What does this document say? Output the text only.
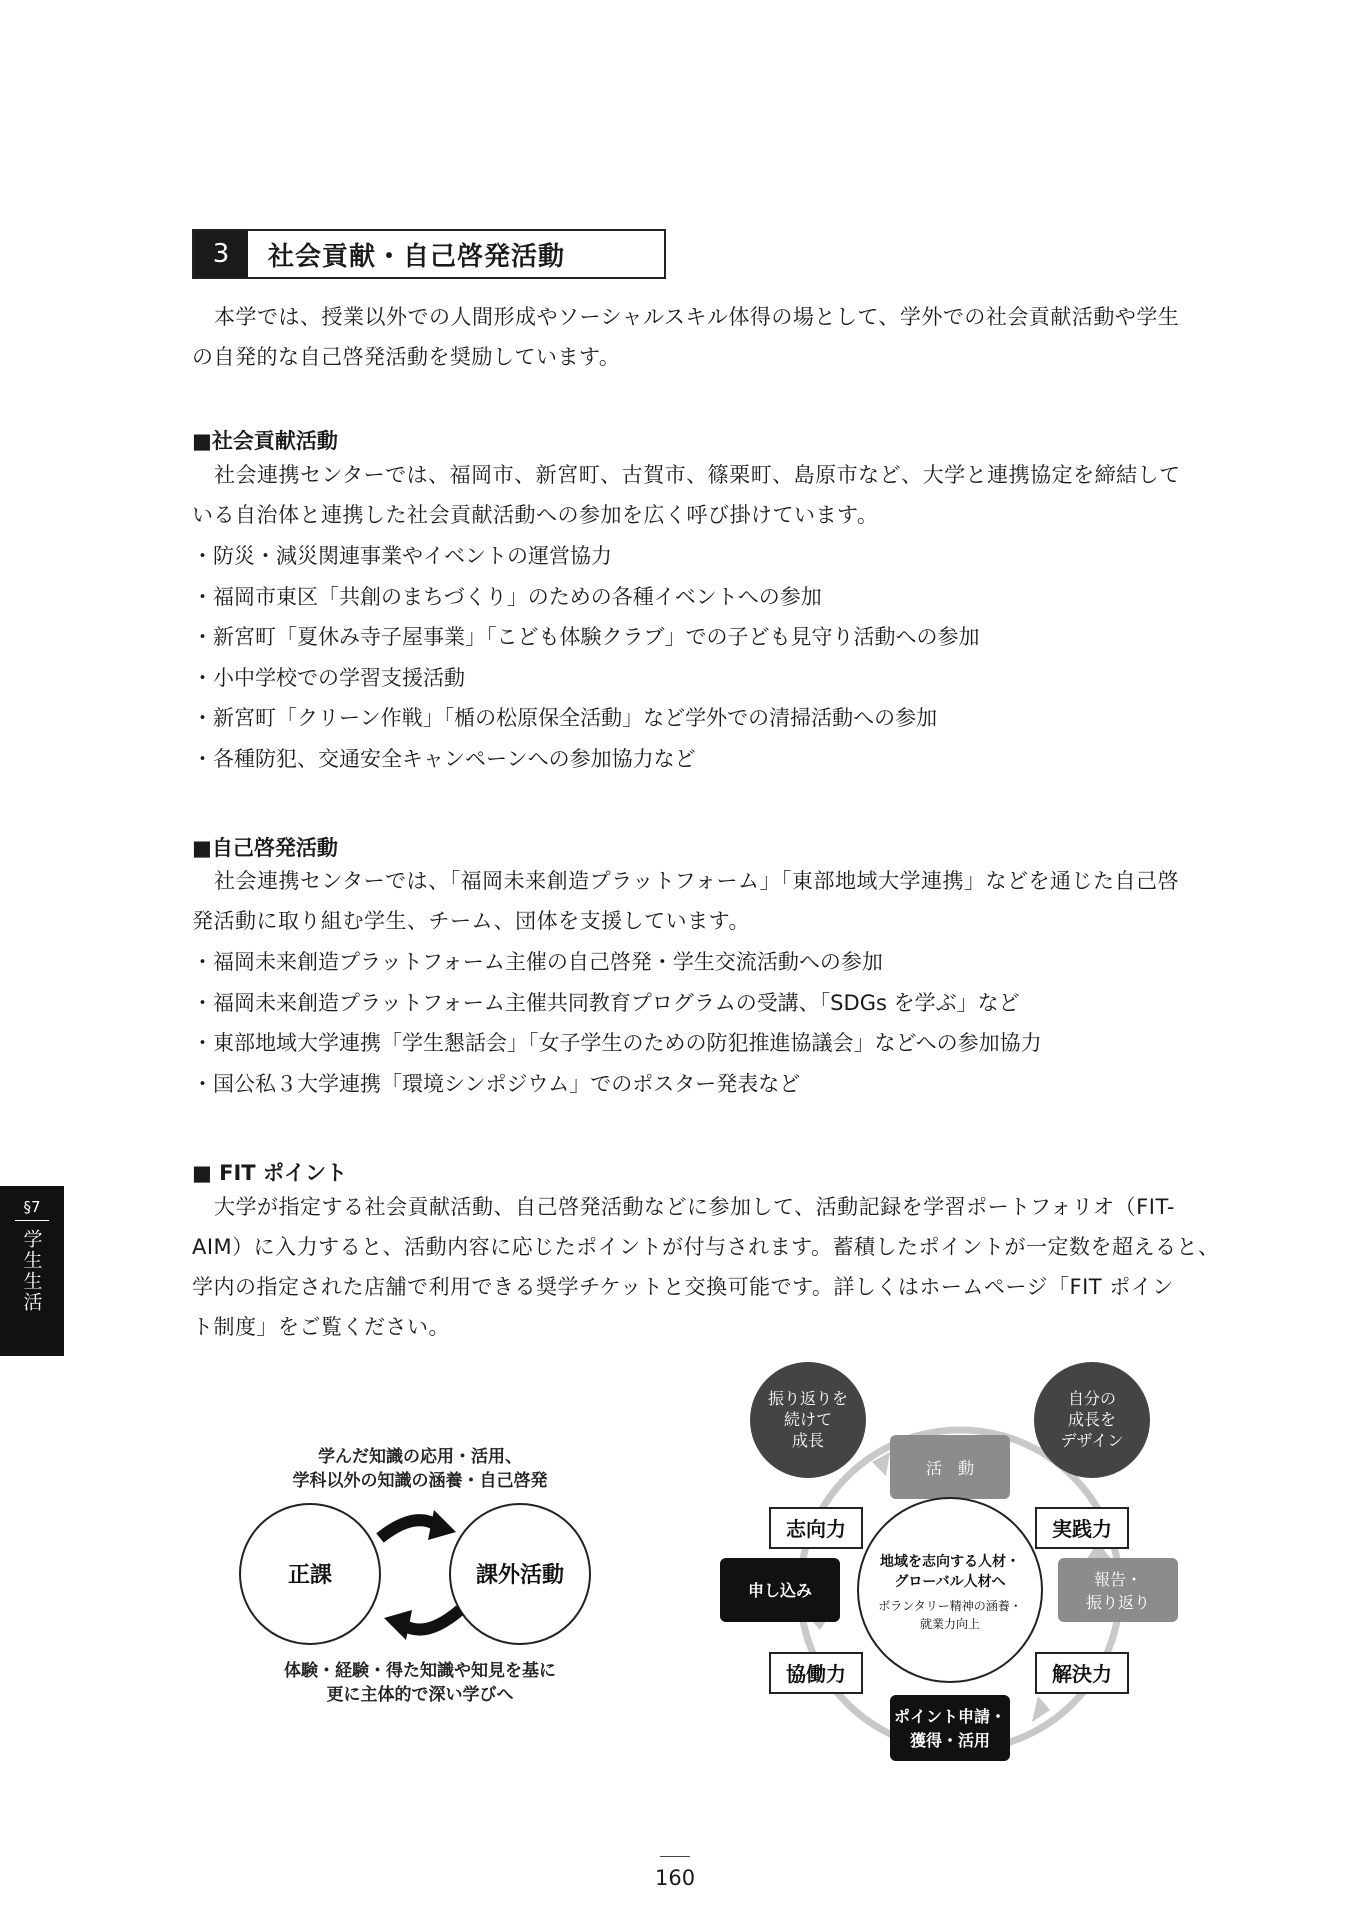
3	社会貢献・自己啓発活動
本学では、授業以外での人間形成やソーシャルスキル体得の場として、学外での社会貢献活動や学生
の自発的な自己啓発活動を奨励しています。
■社会貢献活動
社会連携センターでは、福岡市、新宮町、古賀市、篠栗町、島原市など、大学と連携協定を締結して
いる自治体と連携した社会貢献活動への参加を広く呼び掛けています。
・防災・減災関連事業やイベントの運営協力
・福岡市東区「共創のまちづくり」のための各種イベントへの参加
・新宮町「夏休み寺子屋事業」「こども体験クラブ」での子ども見守り活動への参加
・小中学校での学習支援活動
・新宮町「クリーン作戦」「楯の松原保全活動」など学外での清掃活動への参加
・各種防犯、交通安全キャンペーンへの参加協力など
■自己啓発活動
社会連携センターでは、「福岡未来創造プラットフォーム」「東部地域大学連携」などを通じた自己啓
発活動に取り組む学生、チーム、団体を支援しています。
・福岡未来創造プラットフォーム主催の自己啓発・学生交流活動への参加
・福岡未来創造プラットフォーム主催共同教育プログラムの受講、「SDGs を学ぶ」など
・東部地域大学連携「学生懇話会」「女子学生のための防犯推進協議会」などへの参加協力
・国公私３大学連携「環境シンポジウム」でのポスター発表など
■ FIT ポイント
大学が指定する社会貢献活動、自己啓発活動などに参加して、活動記録を学習ポートフォリオ（FIT-
AIM）に入力すると、活動内容に応じたポイントが付与されます。蓄積したポイントが一定数を超えると、
学内の指定された店舗で利用できる奨学チケットと交換可能です。詳しくはホームページ「FIT ポイン
ト制度」をご覧ください。
§7
学生生活
学んだ知識の応用・活用、
学科以外の知識の涵養・自己啓発
正課	課外活動
体験・経験・得た知識や知見を基に
更に主体的で深い学びへ
振り返りを
続けて
成長
自分の
成長を
デザイン
活　動
報告・
振り返り
ポイント申請・
獲得・活用
申し込み
地域を志向する人材・
グローバル人材へ
ボランタリー精神の涵養・
就業力向上
志向力	実践力
解決力
協働力
160
